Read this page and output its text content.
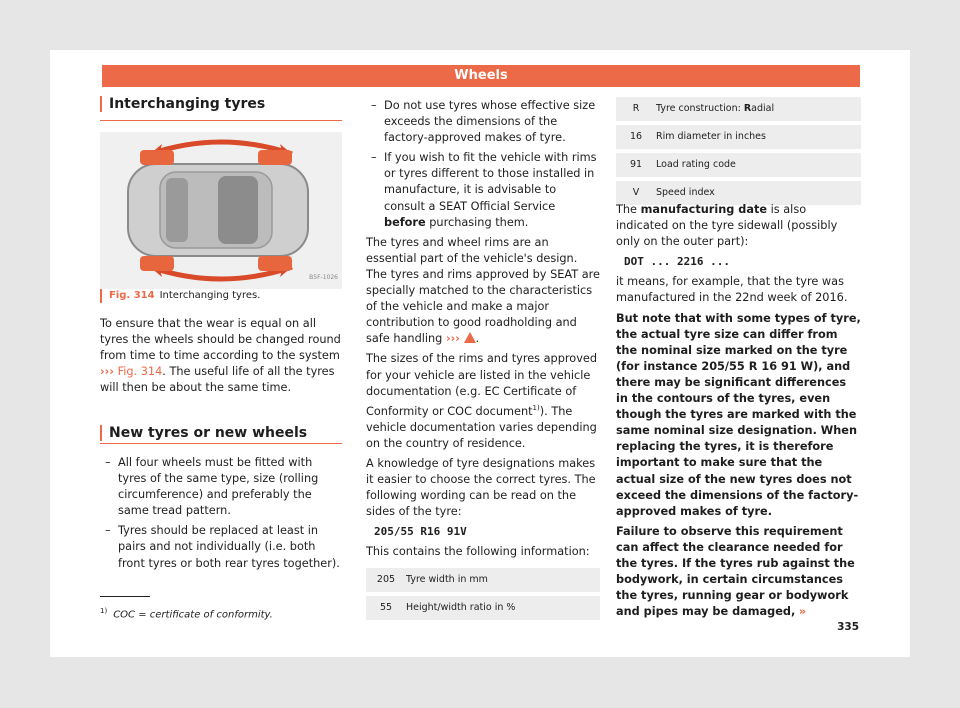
Wheels
Interchanging tyres
B5F-1026
Fig. 314 Interchanging tyres.

To ensure that the wear is equal on all tyres the wheels should be changed round from time to time according to the system ››› Fig. 314. The useful life of all the tyres will then be about the same time.

New tyres or new wheels

– All four wheels must be fitted with tyres of the same type, size (rolling circumference) and preferably the same tread pattern.

– Tyres should be replaced at least in pairs and not individually (i.e. both front tyres or both rear tyres together).

– Do not use tyres whose effective size exceeds the dimensions of the factory-approved makes of tyre.

– If you wish to fit the vehicle with rims or tyres different to those installed in manufacture, it is advisable to consult a SEAT Official Service before purchasing them.

The tyres and wheel rims are an essential part of the vehicle's design. The tyres and rims approved by SEAT are specially matched to the characteristics of the vehicle and make a major contribution to good roadholding and safe handling ››› .

The sizes of the rims and tyres approved for your vehicle are listed in the vehicle documentation (e.g. EC Certificate of Conformity or COC document$^{1)}$). The vehicle documentation varies depending on the country of residence.

A knowledge of tyre designations makes it easier to choose the correct tyres. The following wording can be read on the sides of the tyre:

205/55 R16 91V

This contains the following information:

205	Tyre width in mm

55	Height/width ratio in %
R	Tyre construction: Radial

16	Rim diameter in inches

91	Load rating code

V	Speed index

The manufacturing date is also indicated on the tyre sidewall (possibly only on the outer part):

DOT ... 2216 ...

it means, for example, that the tyre was manufactured in the 22nd week of 2016.

But note that with some types of tyre, the actual tyre size can differ from the nominal size marked on the tyre (for instance 205/55 R 16 91 W), and there may be significant differences in the contours of the tyres, even though the tyres are marked with the same nominal size designation. When replacing the tyres, it is therefore important to make sure that the actual size of the new tyres does not exceed the dimensions of the factory-approved makes of tyre.

Failure to observe this requirement can affect the clearance needed for the tyres. If the tyres rub against the bodywork, in certain circumstances the tyres, running gear or bodywork and pipes may be damaged, »

$^{1)}$ COC = certificate of conformity.
335
